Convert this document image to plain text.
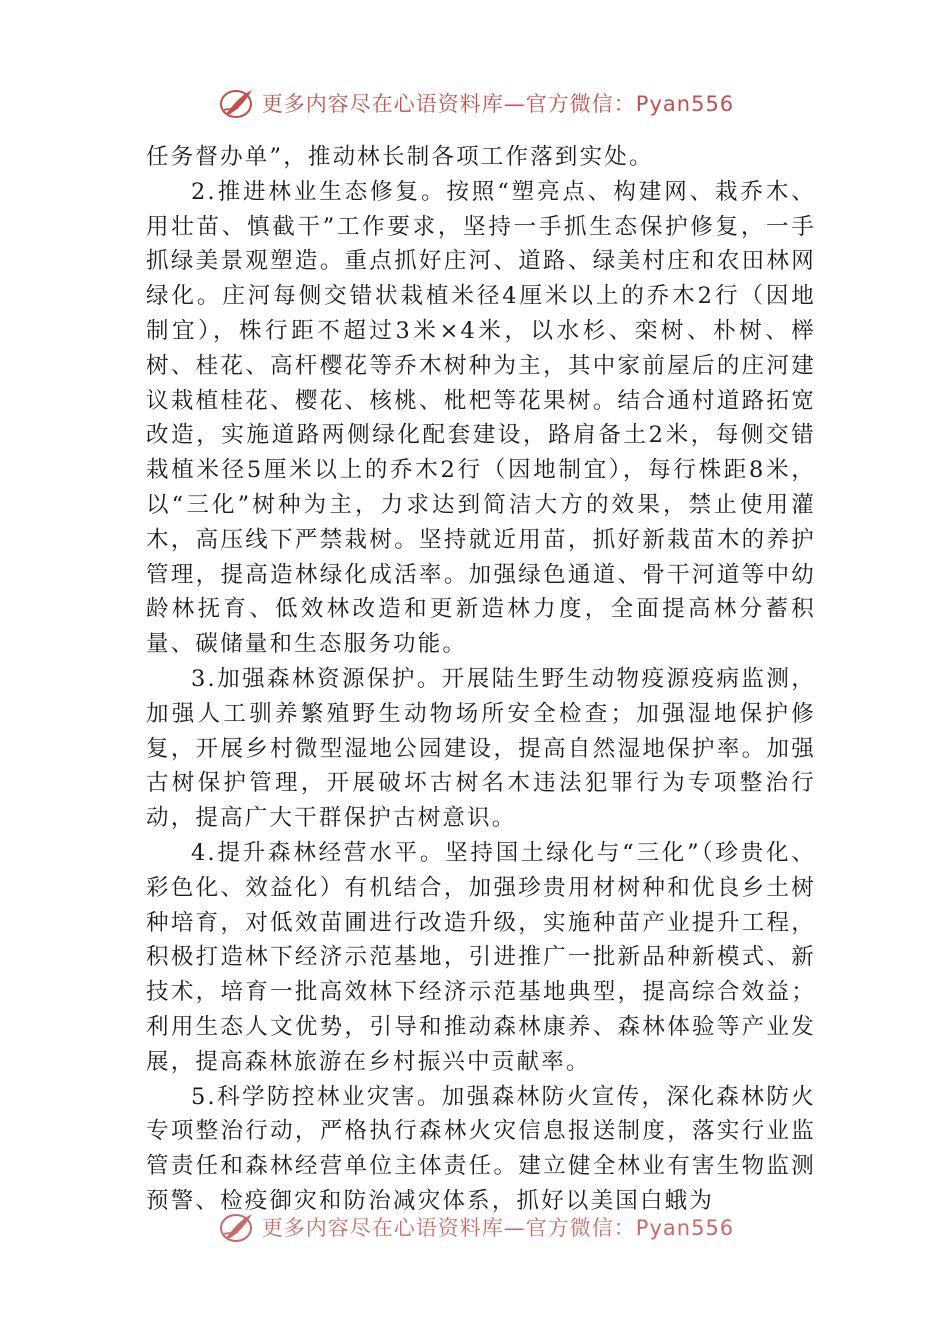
更多内容尽在心语资料库—官方微信：Pyan556

任务督办单”，推动林长制各项工作落到实处。

2.推进林业生态修复。按照“塑亮点、构建网、栽乔木、用壮苗、慎截干”工作要求，坚持一手抓生态保护修复，一手抓绿美景观塑造。重点抓好庄河、道路、绿美村庄和农田林网绿化。庄河每侧交错状栽植米径4厘米以上的乔木2行（因地制宜），株行距不超过3米×4米，以水杉、栾树、朴树、榉树、桂花、高杆樱花等乔木树种为主，其中家前屋后的庄河建议栽植桂花、樱花、核桃、枇杷等花果树。结合通村道路拓宽改造，实施道路两侧绿化配套建设，路肩备土2米，每侧交错栽植米径5厘米以上的乔木2行（因地制宜），每行株距8米，以“三化”树种为主，力求达到简洁大方的效果，禁止使用灌木，高压线下严禁栽树。坚持就近用苗，抓好新栽苗木的养护管理，提高造林绿化成活率。加强绿色通道、骨干河道等中幼龄林抚育、低效林改造和更新造林力度，全面提高林分蓄积量、碳储量和生态服务功能。

3.加强森林资源保护。开展陆生野生动物疫源疫病监测，加强人工驯养繁殖野生动物场所安全检查；加强湿地保护修复，开展乡村微型湿地公园建设，提高自然湿地保护率。加强古树保护管理，开展破坏古树名木违法犯罪行为专项整治行动，提高广大干群保护古树意识。

4.提升森林经营水平。坚持国土绿化与“三化”（珍贵化、彩色化、效益化）有机结合，加强珍贵用材树种和优良乡土树种培育，对低效苗圃进行改造升级，实施种苗产业提升工程，积极打造林下经济示范基地，引进推广一批新品种新模式、新技术，培育一批高效林下经济示范基地典型，提高综合效益；利用生态人文优势，引导和推动森林康养、森林体验等产业发展，提高森林旅游在乡村振兴中贡献率。

5.科学防控林业灾害。加强森林防火宣传，深化森林防火专项整治行动，严格执行森林火灾信息报送制度，落实行业监管责任和森林经营单位主体责任。建立健全林业有害生物监测预警、检疫御灾和防治减灾体系，抓好以美国白蛾为

更多内容尽在心语资料库—官方微信：Pyan556
